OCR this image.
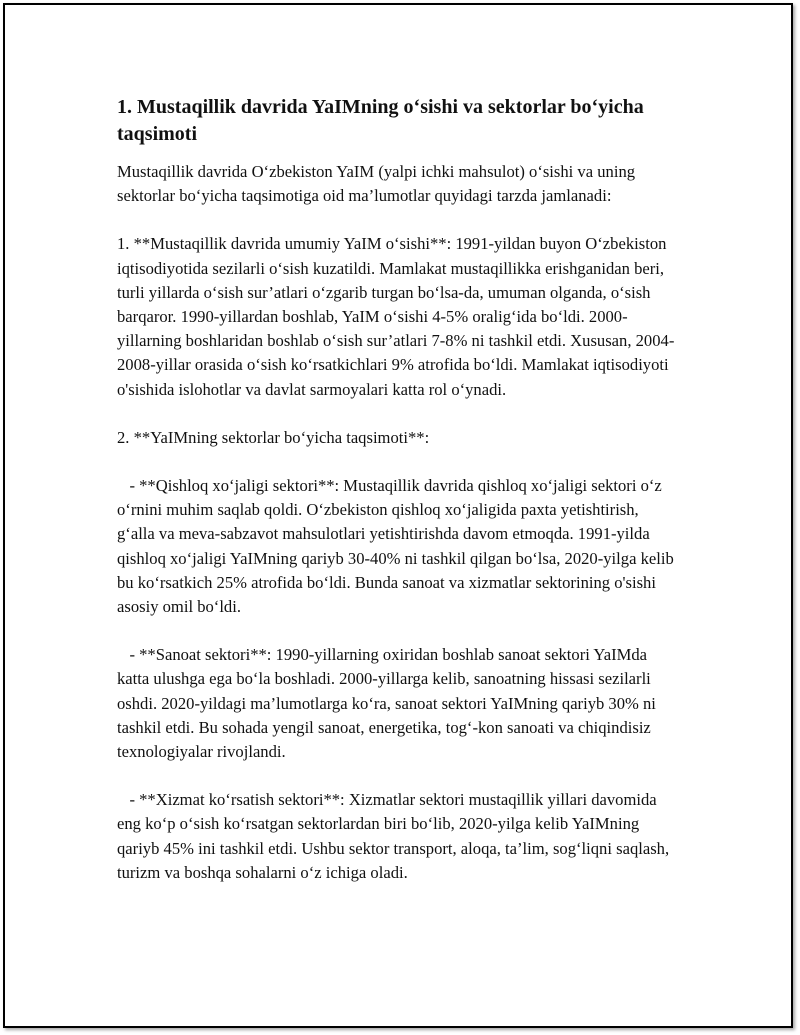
1. Mustaqillik davrida YaIMning o‘sishi va sektorlar bo‘yicha taqsimoti

Mustaqillik davrida O‘zbekiston YaIM (yalpi ichki mahsulot) o‘sishi va uning sektorlar bo‘yicha taqsimotiga oid ma’lumotlar quyidagi tarzda jamlanadi:

1. **Mustaqillik davrida umumiy YaIM o‘sishi**: 1991-yildan buyon O‘zbekiston iqtisodiyotida sezilarli o‘sish kuzatildi. Mamlakat mustaqillikka erishganidan beri, turli yillarda o‘sish sur’atlari o‘zgarib turgan bo‘lsa-da, umuman olganda, o‘sish barqaror. 1990-yillardan boshlab, YaIM o‘sishi 4-5% oralig‘ida bo‘ldi. 2000-yillarning boshlaridan boshlab o‘sish sur’atlari 7-8% ni tashkil etdi. Xususan, 2004-2008-yillar orasida o‘sish ko‘rsatkichlari 9% atrofida bo‘ldi. Mamlakat iqtisodiyoti o'sishida islohotlar va davlat sarmoyalari katta rol o‘ynadi.

2. **YaIMning sektorlar bo‘yicha taqsimoti**:

- **Qishloq xo‘jaligi sektori**: Mustaqillik davrida qishloq xo‘jaligi sektori o‘z o‘rnini muhim saqlab qoldi. O‘zbekiston qishloq xo‘jaligida paxta yetishtirish, g‘alla va meva-sabzavot mahsulotlari yetishtirishda davom etmoqda. 1991-yilda qishloq xo‘jaligi YaIMning qariyb 30-40% ni tashkil qilgan bo‘lsa, 2020-yilga kelib bu ko‘rsatkich 25% atrofida bo‘ldi. Bunda sanoat va xizmatlar sektorining o'sishi asosiy omil bo‘ldi.

- **Sanoat sektori**: 1990-yillarning oxiridan boshlab sanoat sektori YaIMda katta ulushga ega bo‘la boshladi. 2000-yillarga kelib, sanoatning hissasi sezilarli oshdi. 2020-yildagi ma’lumotlarga ko‘ra, sanoat sektori YaIMning qariyb 30% ni tashkil etdi. Bu sohada yengil sanoat, energetika, tog‘-kon sanoati va chiqindisiz texnologiyalar rivojlandi.

- **Xizmat ko‘rsatish sektori**: Xizmatlar sektori mustaqillik yillari davomida eng ko‘p o‘sish ko‘rsatgan sektorlardan biri bo‘lib, 2020-yilga kelib YaIMning qariyb 45% ini tashkil etdi. Ushbu sektor transport, aloqa, ta’lim, sog‘liqni saqlash, turizm va boshqa sohalarni o‘z ichiga oladi.
